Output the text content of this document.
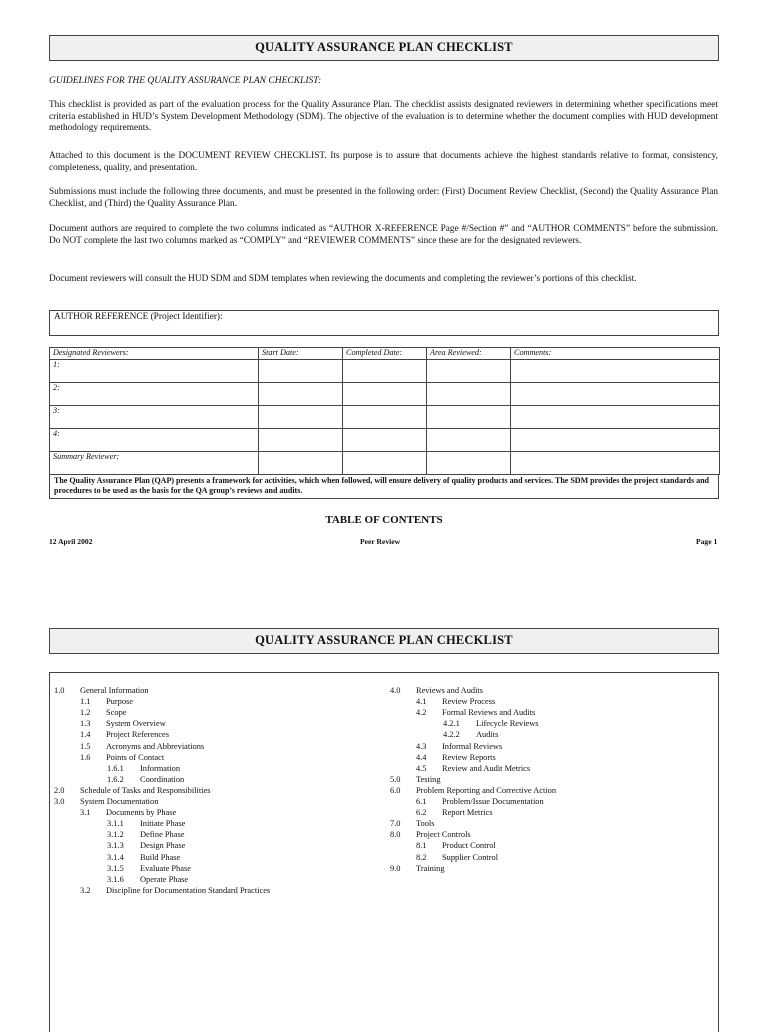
QUALITY ASSURANCE PLAN CHECKLIST
GUIDELINES FOR THE QUALITY ASSURANCE PLAN CHECKLIST:
This checklist is provided as part of the evaluation process for the Quality Assurance Plan. The checklist assists designated reviewers in determining whether specifications meet criteria established in HUD’s System Development Methodology (SDM). The objective of the evaluation is to determine whether the document complies with HUD development methodology requirements.
Attached to this document is the DOCUMENT REVIEW CHECKLIST. Its purpose is to assure that documents achieve the highest standards relative to format, consistency, completeness, quality, and presentation.
Submissions must include the following three documents, and must be presented in the following order: (First) Document Review Checklist, (Second) the Quality Assurance Plan Checklist, and (Third) the Quality Assurance Plan.
Document authors are required to complete the two columns indicated as “AUTHOR X-REFERENCE Page #/Section #” and “AUTHOR COMMENTS” before the submission. Do NOT complete the last two columns marked as “COMPLY” and “REVIEWER COMMENTS” since these are for the designated reviewers.
Document reviewers will consult the HUD SDM and SDM templates when reviewing the documents and completing the reviewer’s portions of this checklist.
AUTHOR REFERENCE (Project Identifier):
Designated Reviewers:	Start Date:	Completed Date:	Area Reviewed:	Comments:
1:				
2:				
3:				
4:				
Summary Reviewer:				
The Quality Assurance Plan (QAP) presents a framework for activities, which when followed, will ensure delivery of quality products and services. The SDM provides the project standards and procedures to be used as the basis for the QA group’s reviews and audits.
TABLE OF CONTENTS
12 April 2002	Peer Review	Page 1
QUALITY ASSURANCE PLAN CHECKLIST
1.0 General Information
1.1 Purpose
1.2 Scope
1.3 System Overview
1.4 Project References
1.5 Acronyms and Abbreviations
1.6 Points of Contact
1.6.1 Information
1.6.2 Coordination
2.0 Schedule of Tasks and Responsibilities
3.0 System Documentation
3.1 Documents by Phase
3.1.1 Initiate Phase
3.1.2 Define Phase
3.1.3 Design Phase
3.1.4 Build Phase
3.1.5 Evaluate Phase
3.1.6 Operate Phase
3.2 Discipline for Documentation Standard Practices
4.0 Reviews and Audits
4.1 Review Process
4.2 Formal Reviews and Audits
4.2.1 Lifecycle Reviews
4.2.2 Audits
4.3 Informal Reviews
4.4 Review Reports
4.5 Review and Audit Metrics
5.0 Testing
6.0 Problem Reporting and Corrective Action
6.1 Problem/Issue Documentation
6.2 Report Metrics
7.0 Tools
8.0 Project Controls
8.1 Product Control
8.2 Supplier Control
9.0 Training
